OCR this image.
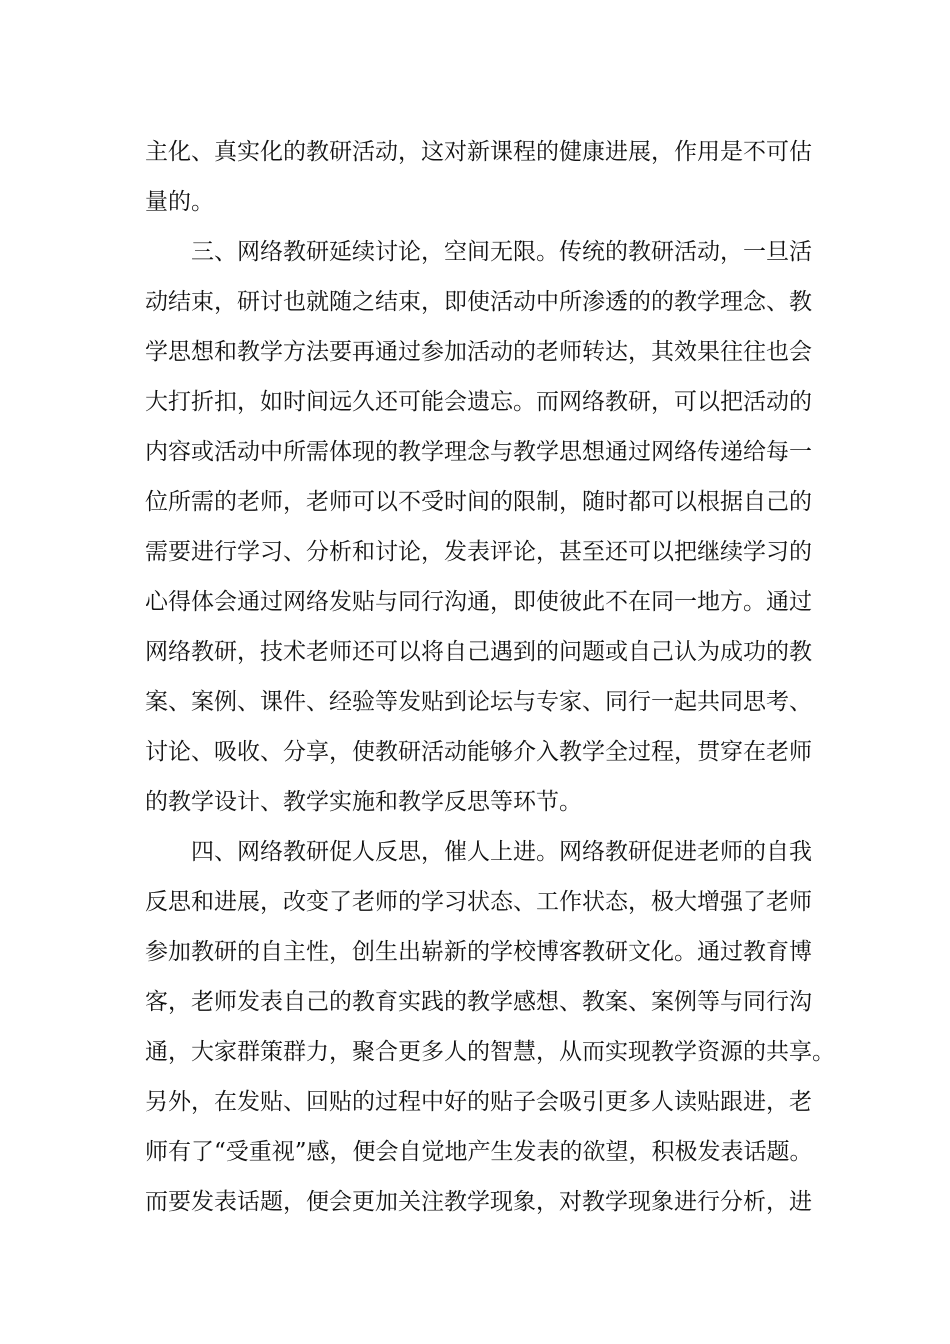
主化、真实化的教研活动，这对新课程的健康进展，作用是不可估
量的。
三、网络教研延续讨论，空间无限。传统的教研活动，一旦活
动结束，研讨也就随之结束，即使活动中所渗透的的教学理念、教
学思想和教学方法要再通过参加活动的老师转达，其效果往往也会
大打折扣，如时间远久还可能会遗忘。而网络教研，可以把活动的
内容或活动中所需体现的教学理念与教学思想通过网络传递给每一
位所需的老师，老师可以不受时间的限制，随时都可以根据自己的
需要进行学习、分析和讨论，发表评论，甚至还可以把继续学习的
心得体会通过网络发贴与同行沟通，即使彼此不在同一地方。通过
网络教研，技术老师还可以将自己遇到的问题或自己认为成功的教
案、案例、课件、经验等发贴到论坛与专家、同行一起共同思考、
讨论、吸收、分享，使教研活动能够介入教学全过程，贯穿在老师
的教学设计、教学实施和教学反思等环节。
四、网络教研促人反思，催人上进。网络教研促进老师的自我
反思和进展，改变了老师的学习状态、工作状态，极大增强了老师
参加教研的自主性，创生出崭新的学校博客教研文化。通过教育博
客，老师发表自己的教育实践的教学感想、教案、案例等与同行沟
通，大家群策群力，聚合更多人的智慧，从而实现教学资源的共享。
另外，在发贴、回贴的过程中好的贴子会吸引更多人读贴跟进，老
师有了“受重视”感，便会自觉地产生发表的欲望，积极发表话题。
而要发表话题，便会更加关注教学现象，对教学现象进行分析，进
